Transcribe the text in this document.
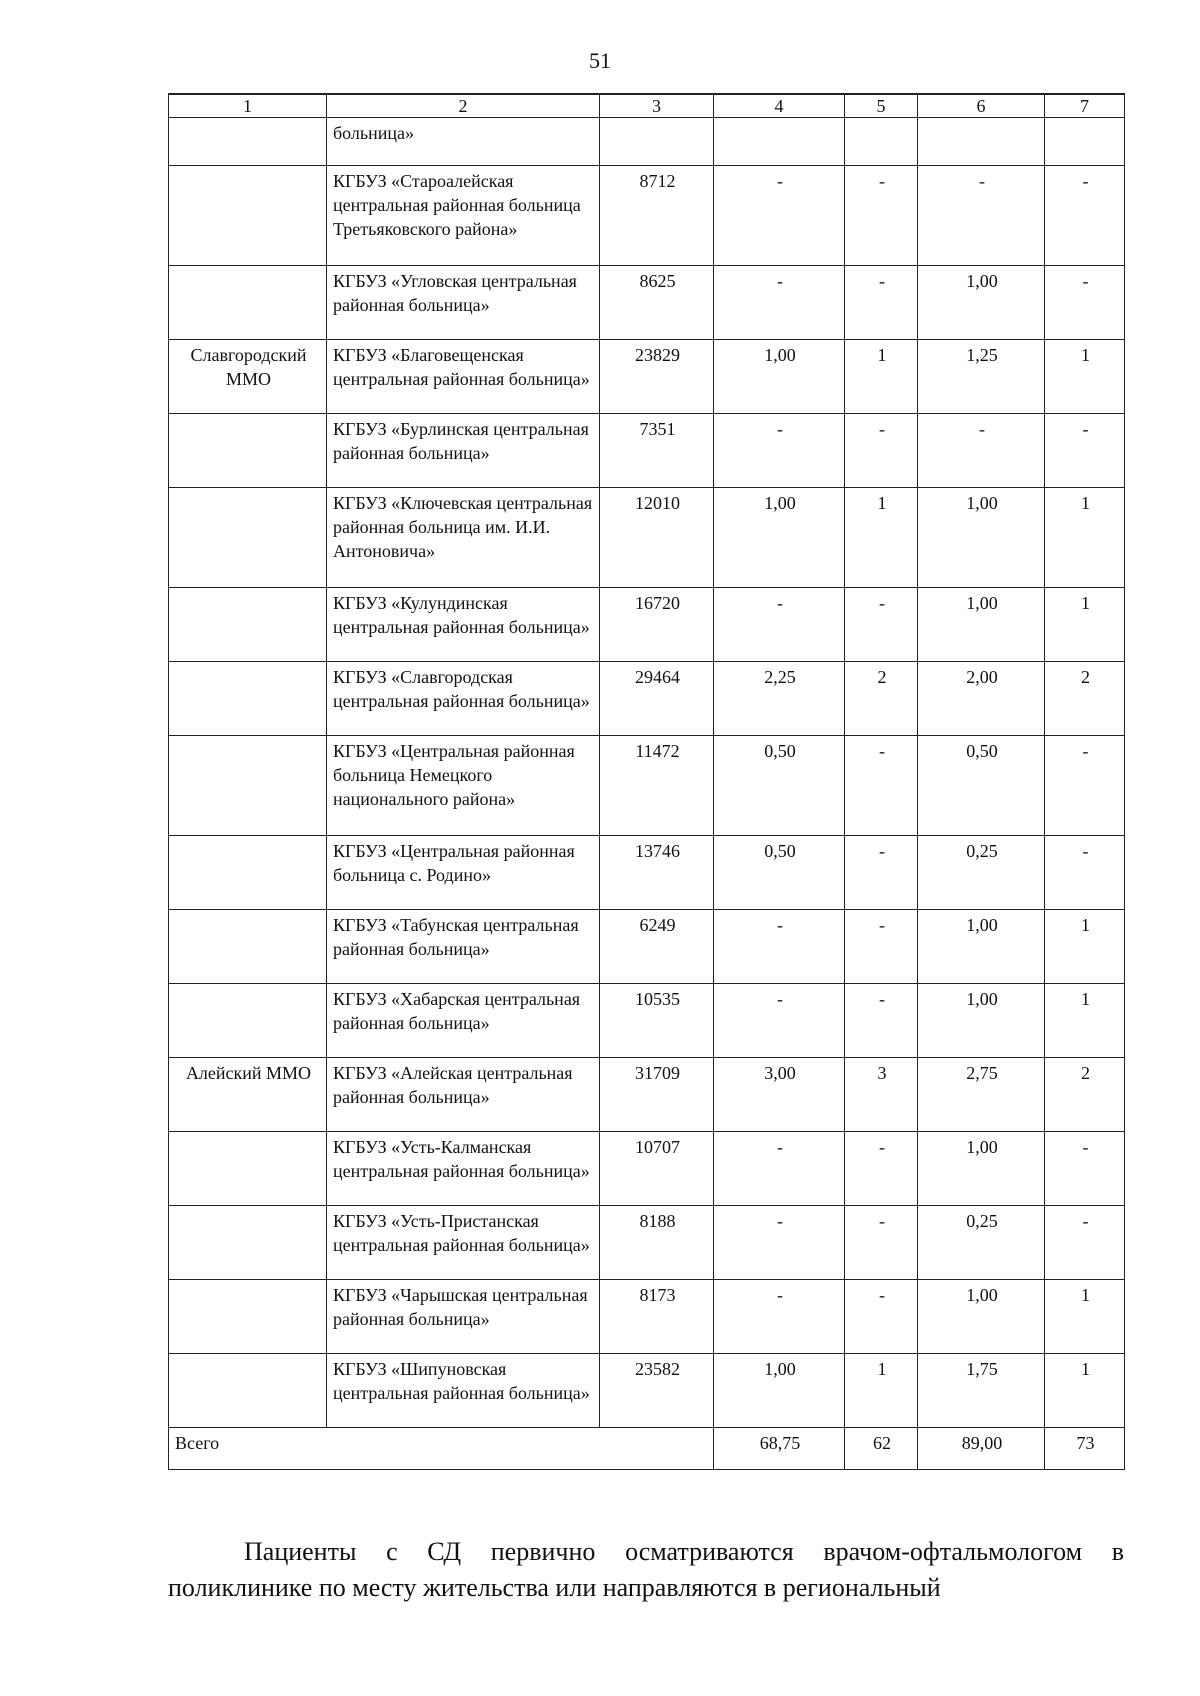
51
1	2	3	4	5	6	7
	больница»					
	КГБУЗ «Староалейская центральная районная больница Третьяковского района»	8712	-	-	-	-
	КГБУЗ «Угловская центральная районная больница»	8625	-	-	1,00	-
Славгородский ММО	КГБУЗ «Благовещенская центральная районная больница»	23829	1,00	1	1,25	1
	КГБУЗ «Бурлинская центральная районная больница»	7351	-	-	-	-
	КГБУЗ «Ключевская центральная районная больница им. И.И. Антоновича»	12010	1,00	1	1,00	1
	КГБУЗ «Кулундинская центральная районная больница»	16720	-	-	1,00	1
	КГБУЗ «Славгородская центральная районная больница»	29464	2,25	2	2,00	2
	КГБУЗ «Центральная районная больница Немецкого национального района»	11472	0,50	-	0,50	-
	КГБУЗ «Центральная районная больница с. Родино»	13746	0,50	-	0,25	-
	КГБУЗ «Табунская центральная районная больница»	6249	-	-	1,00	1
	КГБУЗ «Хабарская центральная районная больница»	10535	-	-	1,00	1
Алейский ММО	КГБУЗ «Алейская центральная районная больница»	31709	3,00	3	2,75	2
	КГБУЗ «Усть-Калманская центральная районная больница»	10707	-	-	1,00	-
	КГБУЗ «Усть-Пристанская центральная районная больница»	8188	-	-	0,25	-
	КГБУЗ «Чарышская центральная районная больница»	8173	-	-	1,00	1
	КГБУЗ «Шипуновская центральная районная больница»	23582	1,00	1	1,75	1
Всего			68,75	62	89,00	73

Пациенты с СД первично осматриваются врачом-офтальмологом в поликлинике по месту жительства или направляются в региональный
